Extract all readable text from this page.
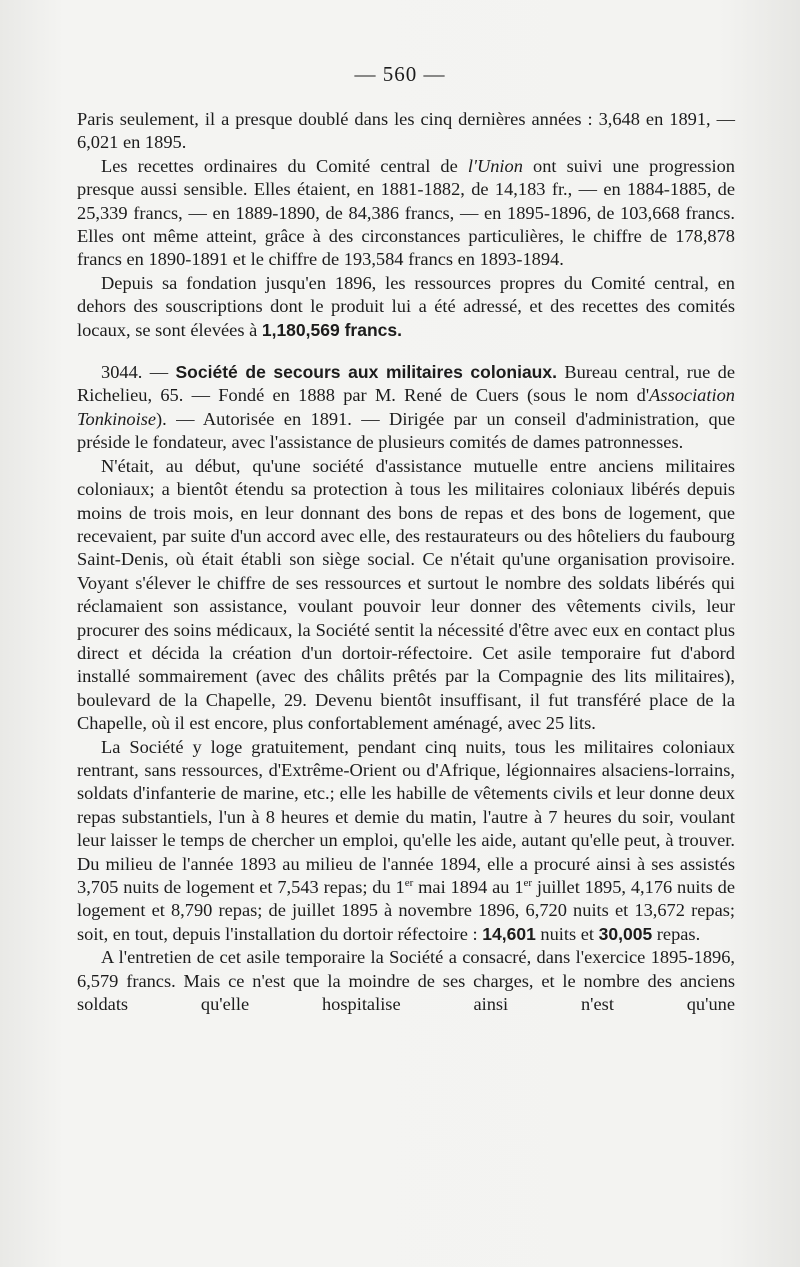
— 560 —

Paris seulement, il a presque doublé dans les cinq dernières années : 3,648 en 1891, — 6,021 en 1895.

Les recettes ordinaires du Comité central de l'Union ont suivi une progression presque aussi sensible. Elles étaient, en 1881-1882, de 14,183 fr., — en 1884-1885, de 25,339 francs, — en 1889-1890, de 84,386 francs, — en 1895-1896, de 103,668 francs. Elles ont même atteint, grâce à des circonstances particulières, le chiffre de 178,878 francs en 1890-1891 et le chiffre de 193,584 francs en 1893-1894.

Depuis sa fondation jusqu'en 1896, les ressources propres du Comité central, en dehors des souscriptions dont le produit lui a été adressé, et des recettes des comités locaux, se sont élevées à 1,180,569 francs.

3044. — Société de secours aux militaires coloniaux. Bureau central, rue de Richelieu, 65. — Fondé en 1888 par M. René de Cuers (sous le nom d'Association Tonkinoise). — Autorisée en 1891. — Dirigée par un conseil d'administration, que préside le fondateur, avec l'assistance de plusieurs comités de dames patronnesses.

N'était, au début, qu'une société d'assistance mutuelle entre anciens militaires coloniaux; a bientôt étendu sa protection à tous les militaires coloniaux libérés depuis moins de trois mois, en leur donnant des bons de repas et des bons de logement, que recevaient, par suite d'un accord avec elle, des restaurateurs ou des hôteliers du faubourg Saint-Denis, où était établi son siège social. Ce n'était qu'une organisation provisoire. Voyant s'élever le chiffre de ses ressources et surtout le nombre des soldats libérés qui réclamaient son assistance, voulant pouvoir leur donner des vêtements civils, leur procurer des soins médicaux, la Société sentit la nécessité d'être avec eux en contact plus direct et décida la création d'un dortoir-réfectoire. Cet asile temporaire fut d'abord installé sommairement (avec des châlits prêtés par la Compagnie des lits militaires), boulevard de la Chapelle, 29. Devenu bientôt insuffisant, il fut transféré place de la Chapelle, où il est encore, plus confortablement aménagé, avec 25 lits.

La Société y loge gratuitement, pendant cinq nuits, tous les militaires coloniaux rentrant, sans ressources, d'Extrême-Orient ou d'Afrique, légionnaires alsaciens-lorrains, soldats d'infanterie de marine, etc.; elle les habille de vêtements civils et leur donne deux repas substantiels, l'un à 8 heures et demie du matin, l'autre à 7 heures du soir, voulant leur laisser le temps de chercher un emploi, qu'elle les aide, autant qu'elle peut, à trouver. Du milieu de l'année 1893 au milieu de l'année 1894, elle a procuré ainsi à ses assistés 3,705 nuits de logement et 7,543 repas; du 1er mai 1894 au 1er juillet 1895, 4,176 nuits de logement et 8,790 repas; de juillet 1895 à novembre 1896, 6,720 nuits et 13,672 repas; soit, en tout, depuis l'installation du dortoir réfectoire : 14,601 nuits et 30,005 repas.

A l'entretien de cet asile temporaire la Société a consacré, dans l'exercice 1895-1896, 6,579 francs. Mais ce n'est que la moindre de ses charges, et le nombre des anciens soldats qu'elle hospitalise ainsi n'est qu'une
